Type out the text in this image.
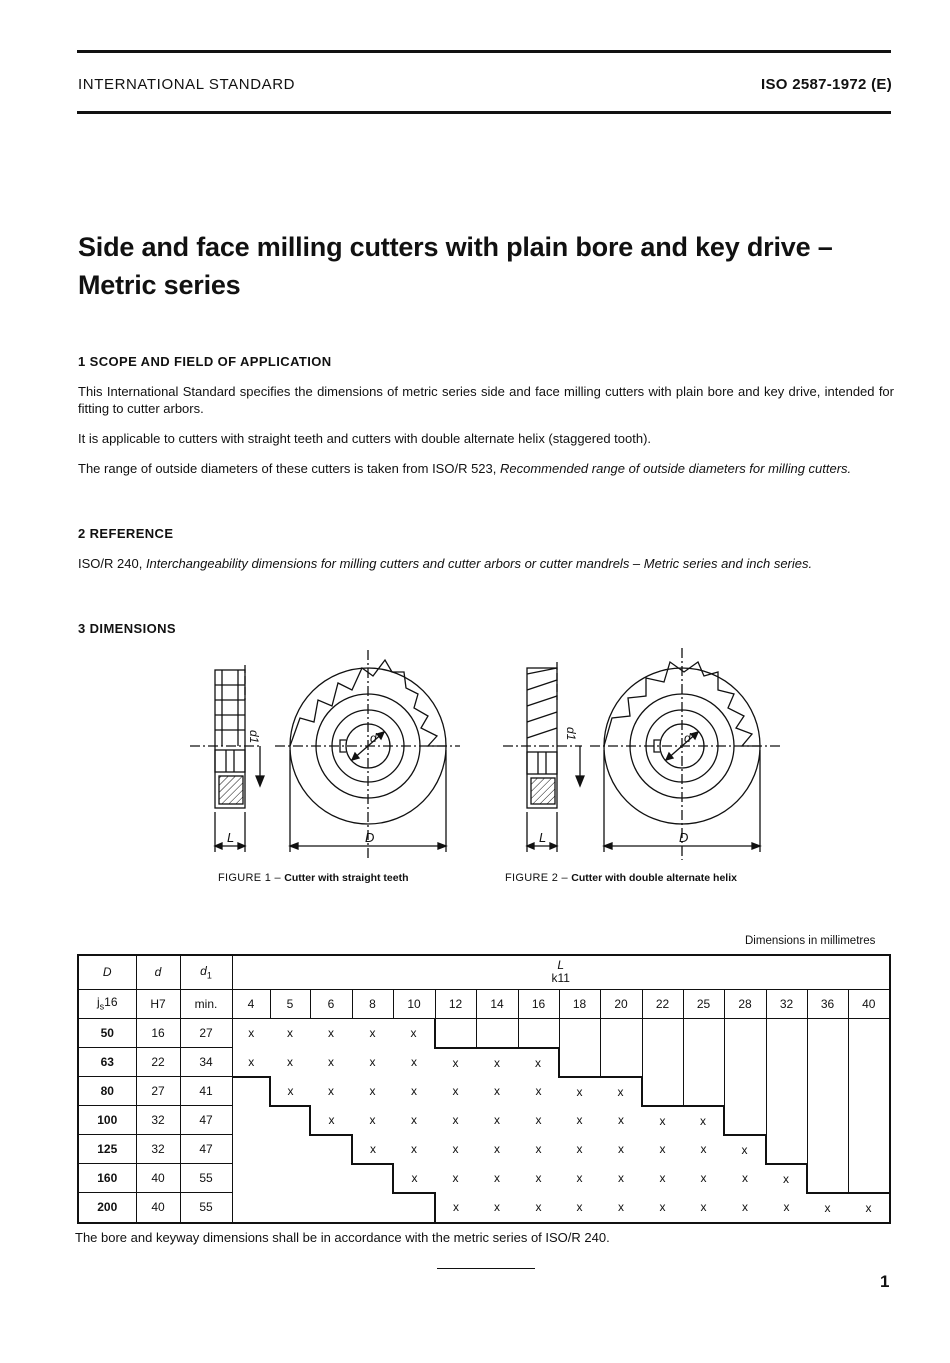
INTERNATIONAL STANDARD	ISO 2587-1972 (E)
Side and face milling cutters with plain bore and key drive –
Metric series
1 SCOPE AND FIELD OF APPLICATION
This International Standard specifies the dimensions of metric series side and face milling cutters with plain bore and key drive, intended for fitting to cutter arbors.
It is applicable to cutters with straight teeth and cutters with double alternate helix (staggered tooth).
The range of outside diameters of these cutters is taken from ISO/R 523, Recommended range of outside diameters for milling cutters.
2 REFERENCE
ISO/R 240, Interchangeability dimensions for milling cutters and cutter arbors or cutter mandrels – Metric series and inch series.
3 DIMENSIONS
d1
L	D
d	d1
L	D
d
FIGURE 1 – Cutter with straight teeth	FIGURE 2 – Cutter with double alternate helix
Dimensions in millimetres
D	d	$d_1$	L
k11															

$j_s16$	H7	min.	4	5	6	8	10	12	14	16	18	20	22	25	28	32	36	40
50	16	27	x	x	x	x	x											
63	22	34	x	x	x	x	x	x	x	x								
80	27	41		x	x	x	x	x	x	x	x	x						
100	32	47			x	x	x	x	x	x	x	x	x	x				
125	32	47				x	x	x	x	x	x	x	x	x	x			
160	40	55					x	x	x	x	x	x	x	x	x	x		
200	40	55						x	x	x	x	x	x	x	x	x	x	x
The bore and keyway dimensions shall be in accordance with the metric series of ISO/R 240.
1
